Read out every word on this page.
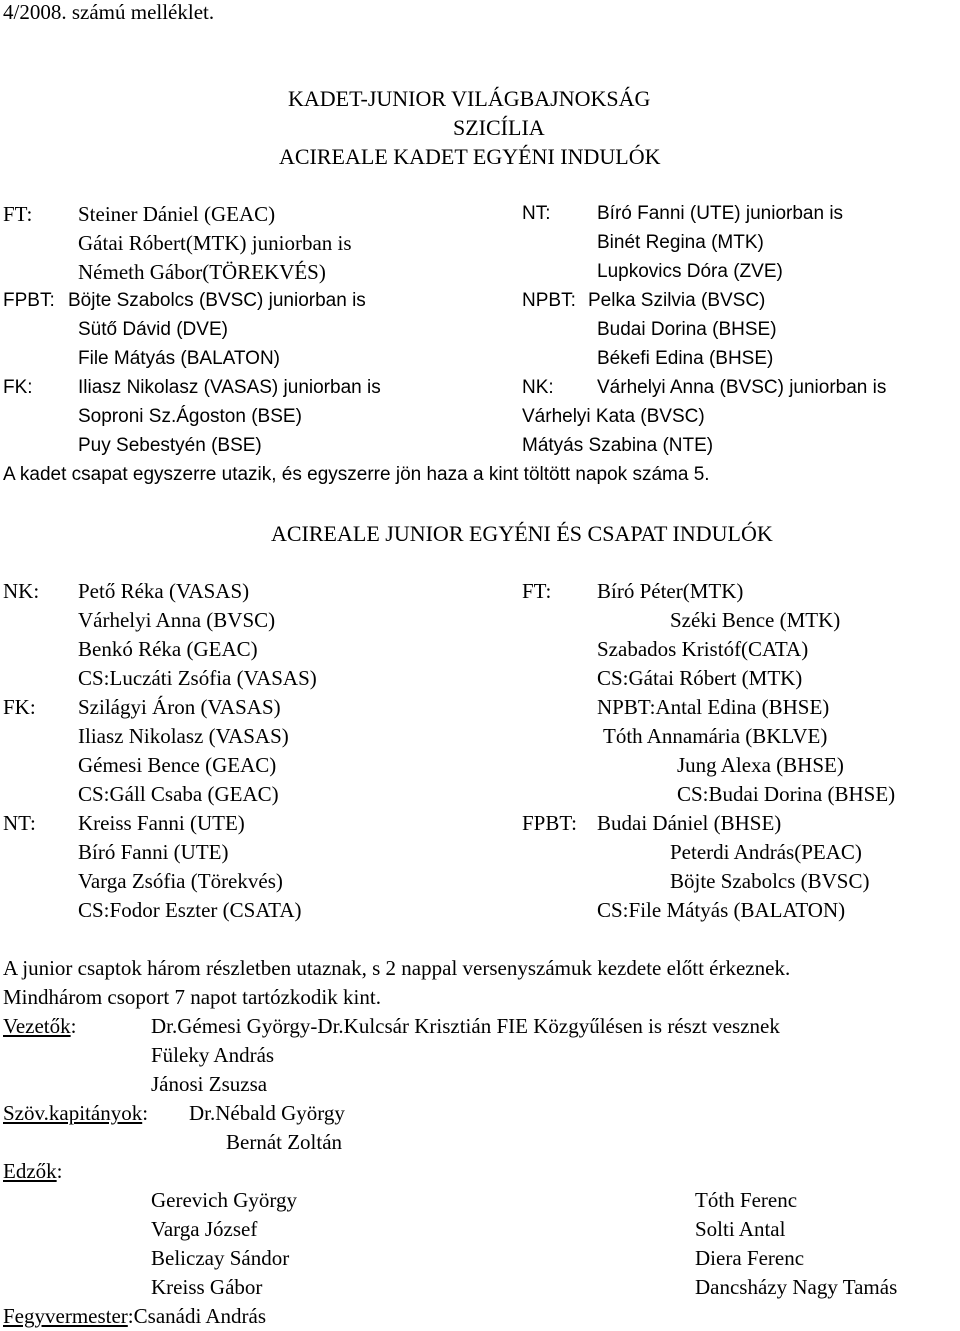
4/2008. számú melléklet.
KADET-JUNIOR VILÁGBAJNOKSÁG
SZICÍLIA
ACIREALE KADET EGYÉNI INDULÓK
FT: Steiner Dániel (GEAC)
Gátai Róbert(MTK) juniorban is
Németh Gábor(TÖREKVÉS)
FPBT: Böjte Szabolcs (BVSC) juniorban is
Sütő Dávid (DVE)
File Mátyás (BALATON)
FK: Iliasz Nikolasz (VASAS) juniorban is
Soproni Sz.Ágoston (BSE)
Puy Sebestyén (BSE)
NT: Bíró Fanni (UTE) juniorban is
Binét Regina (MTK)
Lupkovics Dóra (ZVE)
NPBT: Pelka Szilvia (BVSC)
Budai Dorina (BHSE)
Békefi Edina (BHSE)
NK: Várhelyi Anna (BVSC) juniorban is
Várhelyi Kata (BVSC)
Mátyás Szabina (NTE)
A kadet csapat egyszerre utazik, és egyszerre jön haza a kint töltött napok száma 5.
ACIREALE JUNIOR EGYÉNI ÉS CSAPAT INDULÓK
NK: Pető Réka (VASAS)
Várhelyi Anna (BVSC)
Benkó Réka (GEAC)
CS:Luczáti Zsófia (VASAS)
FK: Szilágyi Áron (VASAS)
Iliasz Nikolasz (VASAS)
Gémesi Bence (GEAC)
CS:Gáll Csaba (GEAC)
NT: Kreiss Fanni (UTE)
Bíró Fanni (UTE)
Varga Zsófia (Törekvés)
CS:Fodor Eszter (CSATA)
FT: Bíró Péter(MTK)
Széki Bence (MTK)
Szabados Kristóf(CATA)
CS:Gátai Róbert (MTK)
NPBT:Antal Edina (BHSE)
Tóth Annamária (BKLVE)
Jung Alexa (BHSE)
CS:Budai Dorina (BHSE)
FPBT: Budai Dániel (BHSE)
Peterdi András(PEAC)
Böjte Szabolcs (BVSC)
CS:File Mátyás (BALATON)
A junior csaptok három részletben utaznak, s 2 nappal versenyszámuk kezdete előtt érkeznek.
Mindhárom csoport 7 napot tartózkodik kint.
Vezetők:	Dr.Gémesi György-Dr.Kulcsár Krisztián FIE Közgyűlésen is részt vesznek
Füleky András
Jánosi Zsuzsa
Szöv.kapitányok: Dr.Nébald György
Bernát Zoltán
Edzők:
Gerevich György
Varga József
Beliczay Sándor
Kreiss Gábor
Tóth Ferenc
Solti Antal
Diera Ferenc
Dancsházy Nagy Tamás
Fegyvermester:Csanádi András
